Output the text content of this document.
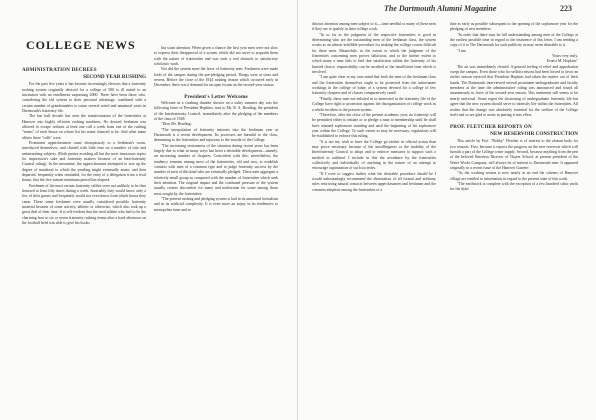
COLLEGE NEWS
ADMINISTRATION DECREES
SECOND YEAR RUSHING

For the past five years it has become increasingly obvious that a fraternity rushing system originally devised for a college of 500 is ill suited to an institution with an enrollment surpassing 2000. There have been those who, considering the old system to their personal advantage, combined with a certain number of grandstanders to cause several weird and unnatural years in Dartmouth's fraternity life.

The last half decade has seen the transformation of the fraternities at Hanover into highly efficient rushing machines. No desired freshman was allowed to escape without at least one call a week from one of the rushing "teams" of each house on whose list his name chanced to be. And what inane affairs these "calls" were.

Prominent upperclassmen came obsequiously to a freshman's room, introduced themselves, and chatted with little ease on a number of trite and uninteresting subjects. (Both parties avoiding all but the most innocuous topics for impression's sake and fraternity matters because of an Interfraternity Council ruling). In the meantime, the upperclassmen attempted to size up the degree of manhood to which the yearling might eventually attain, and then departed, frequently when reminded, for the entry of a delegation from a rival house, that the five minute minimum period has elapsed.

Freshmen of the most certain fraternity calibre were not unlikely to be thus honored at least fifty times during a week. Invariably they would know only a few of their guests and frequently would not even know from which house they came. These same freshmen were usually considered possible fraternity material because of some activity, athletic or otherwise, which also took up a great deal of their time. It is self-evident that the tired athlete who had to be the charming host to six or seven fraternity rushing teams after a hard afternoon on the football field was able to give his books

but scant attention. When given a chance the first year men were not slow to express their disapproval of a system which did not serve to acquaint them with the nature of fraternities and was such a real obstacle to satisfactory scholastic work.

Nor did the system meet the favor of fraternity men. Freshmen were made lords of the campus during the pre-pledging period. Things were at sixes and sevens. Before the close of the 1924 rushing season which occurred early in December, there was a demand for an open forum on the second-year season.

President's Letter Welcome

Welcome as a crashing thunder shower on a sultry summer day was the following letter of President Hopkins, sent to Mr. R. A. Reading, the president of the Interfraternity Council, immediately after the pledging of the members of the class of 1928:

"Dear Mr. Reading:

"The interpolation of fraternity interests into the freshman year at Dartmouth is a recent development. Its processes are harmful to the class, demeaning to the fraternities and injurious to the morale of the College.

"The increasing seriousness of the situation during recent years has been largely due to what in many ways has been a desirable development—namely, an increasing number of chapters. Coincident with this, nevertheless, the tendency remains among most of the fraternities, old and new, to establish contacts with men of a common type and to judge fraternity success by the number of men of this kind who are eventually pledged. These men aggregate a relatively small group as compared with the number of fraternities which seek their attention. The original impact and the continued pressure of the system usually creates discomfort for many and misfortune for some among those most sought by the fraternities.

"The present rushing and pledging system is bad in its unnatural formalism and in its artificial complexity. It is even more an injury in its tendencies to monopolize time and to

The Dartmouth Alumni Magazine	223

distract attention among men subject to it,—time needful to many of these men if they are to qualify in their college work.

"In so far as the judgment of the respective fraternities is good in determining who are the outstanding men of the freshman class, the system works as an almost infallible procedure for making the college course difficult for these men. Meanwhile, to the extent to which the judgment of the fraternities concerning men proves fallacious, and to the further extent to which many a man fails to find due satisfaction within the fraternity of his hurried choice, responsibility can be ascribed to the insufficient time which is involved.

"I am quite clear in my own mind that both the men of the freshman class and the fraternities themselves ought to be protected from the unfortunate workings in the college of today of a system devised for a college of few fraternity chapters and of classes comparatively small.

"Finally, these men not enlisted in or interested in the fraternity life of the College have right to protection against the disorganization of college work as a whole incident to the present system.

"Therefore, after the close of the present academic year, no fraternity will be permitted either to initiate or to pledge a man to membership until he shall have attained sophomore standing and until the beginning of his sophomore year within the College. To such extent as may be necessary, regulations will be established to enforce this ruling.

"It is not my wish to have the College go farther in official action than may prove necessary because of the unwillingness or the inability of the Interfraternity Council to adopt and to enforce measures to support such a method as outlined. I include in this the avoidance by the fraternities collectively and individually of anything in the nature of an attempt to encourage organization of such societies.

"If I were to suggest further what the desirable procedure should be I would unhesitatingly recommend the elimination of all formal and arbitrary rules restricting natural contacts between upperclassmen and freshmen and the common adoption among the fraternities of a

date as early as possible subsequent to the opening of the sophomore year for the pledging of new members.

"In order that there may be full understanding among men of the College at the earliest possible time in regard to the insistence of this letter, I am sending a copy of it to The Dartmouth for such publicity as may seem desirable to it.

"I am

Yours very truly,

Ernest M. Hopkins"

The air was immediately cleared. A general feeling of relief and approbation swept the campus. Even those who for selfish reasons had been forced to favor an earlier season rejoiced that President Hopkins had taken the matter out of their hands. The Dartmouth interviewed several prominent undergraduates and faculty members at the time the administrative ruling was announced and found all unanimously in favor of the second-year season. This sentiment still seems to be nearly universal. Some regret the shortening of undergraduate fraternity life but agree that the new system should serve to intensify life within the fraternities. All realize that the change was absolutely essential for the welfare of the College itself and so are glad to assist in putting it into effect.

PROF. FLETCHER REPORTS ON
NEW RESERVOIR CONSTRUCTION

This article by Prof. "Bobby" Fletcher is of interest to the alumni body for two reasons. First, because it reports the progress on the new reservoir which will furnish a part of the College water supply. Second, because anything from the pen of the beloved Emeritus Director of Thayer School, at present president of the Water Works Company, will always be of interest to Dartmouth men. It appeared originally in a recent issue of the Hanover Gazette:

"As the working season is now nearly at an end the citizens of Hanover village are entitled to information in regard to the present state of this work.

"The earthwork is complete with the exception of a few hundred cubic yards for the dyke
